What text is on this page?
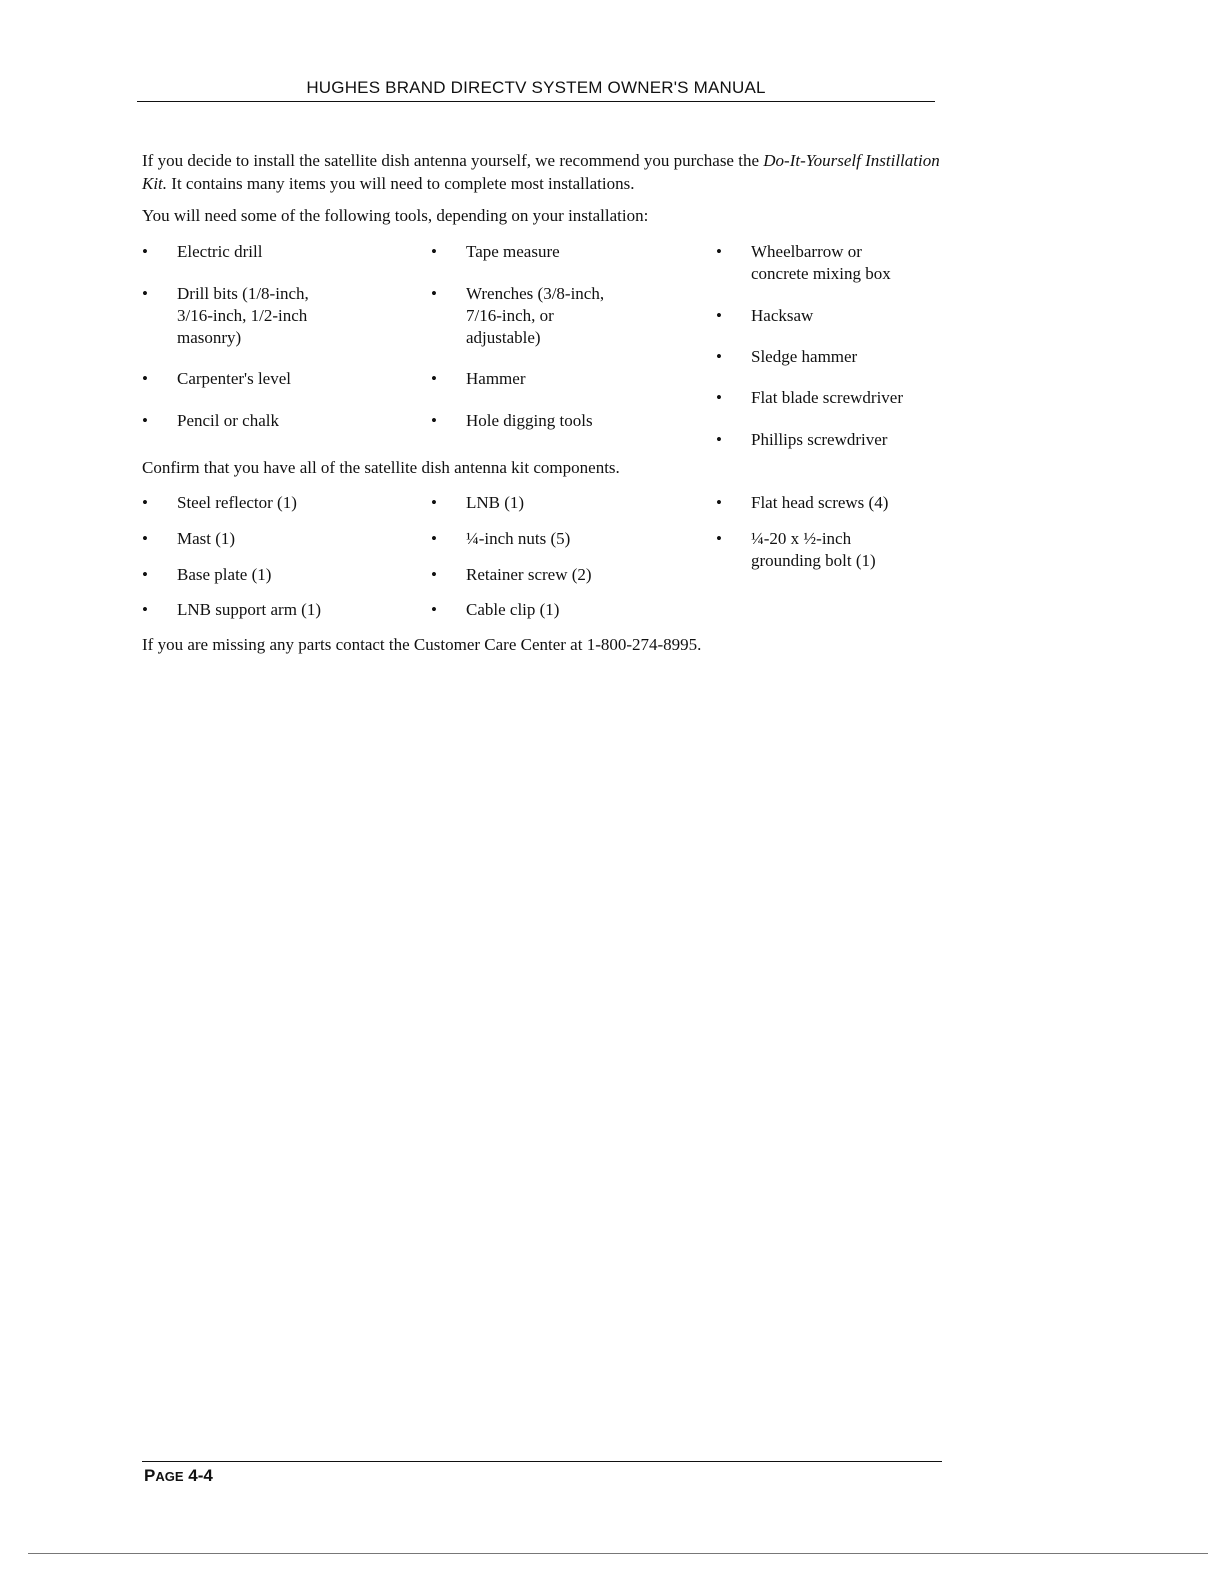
HUGHES BRAND DIRECTV SYSTEM OWNER'S MANUAL
If you decide to install the satellite dish antenna yourself, we recommend you purchase the Do-It-Yourself Instillation Kit. It contains many items you will need to complete most installations.
You will need some of the following tools, depending on your installation:
• Electric drill
• Drill bits (1/8-inch,
3/16-inch, 1/2-inch
masonry)
• Carpenter's level
• Pencil or chalk
• Tape measure
• Wrenches (3/8-inch,
7/16-inch, or
adjustable)
• Hammer
• Hole digging tools
• Wheelbarrow or
concrete mixing box
• Hacksaw
• Sledge hammer
• Flat blade screwdriver
• Phillips screwdriver
Confirm that you have all of the satellite dish antenna kit components.
• Steel reflector (1)
• Mast (1)
• Base plate (1)
• LNB support arm (1)
• LNB (1)
• ¼-inch nuts (5)
• Retainer screw (2)
• Cable clip (1)
• Flat head screws (4)
• ¼-20 x ½-inch
grounding bolt (1)
If you are missing any parts contact the Customer Care Center at 1-800-274-8995.
PAGE 4-4
